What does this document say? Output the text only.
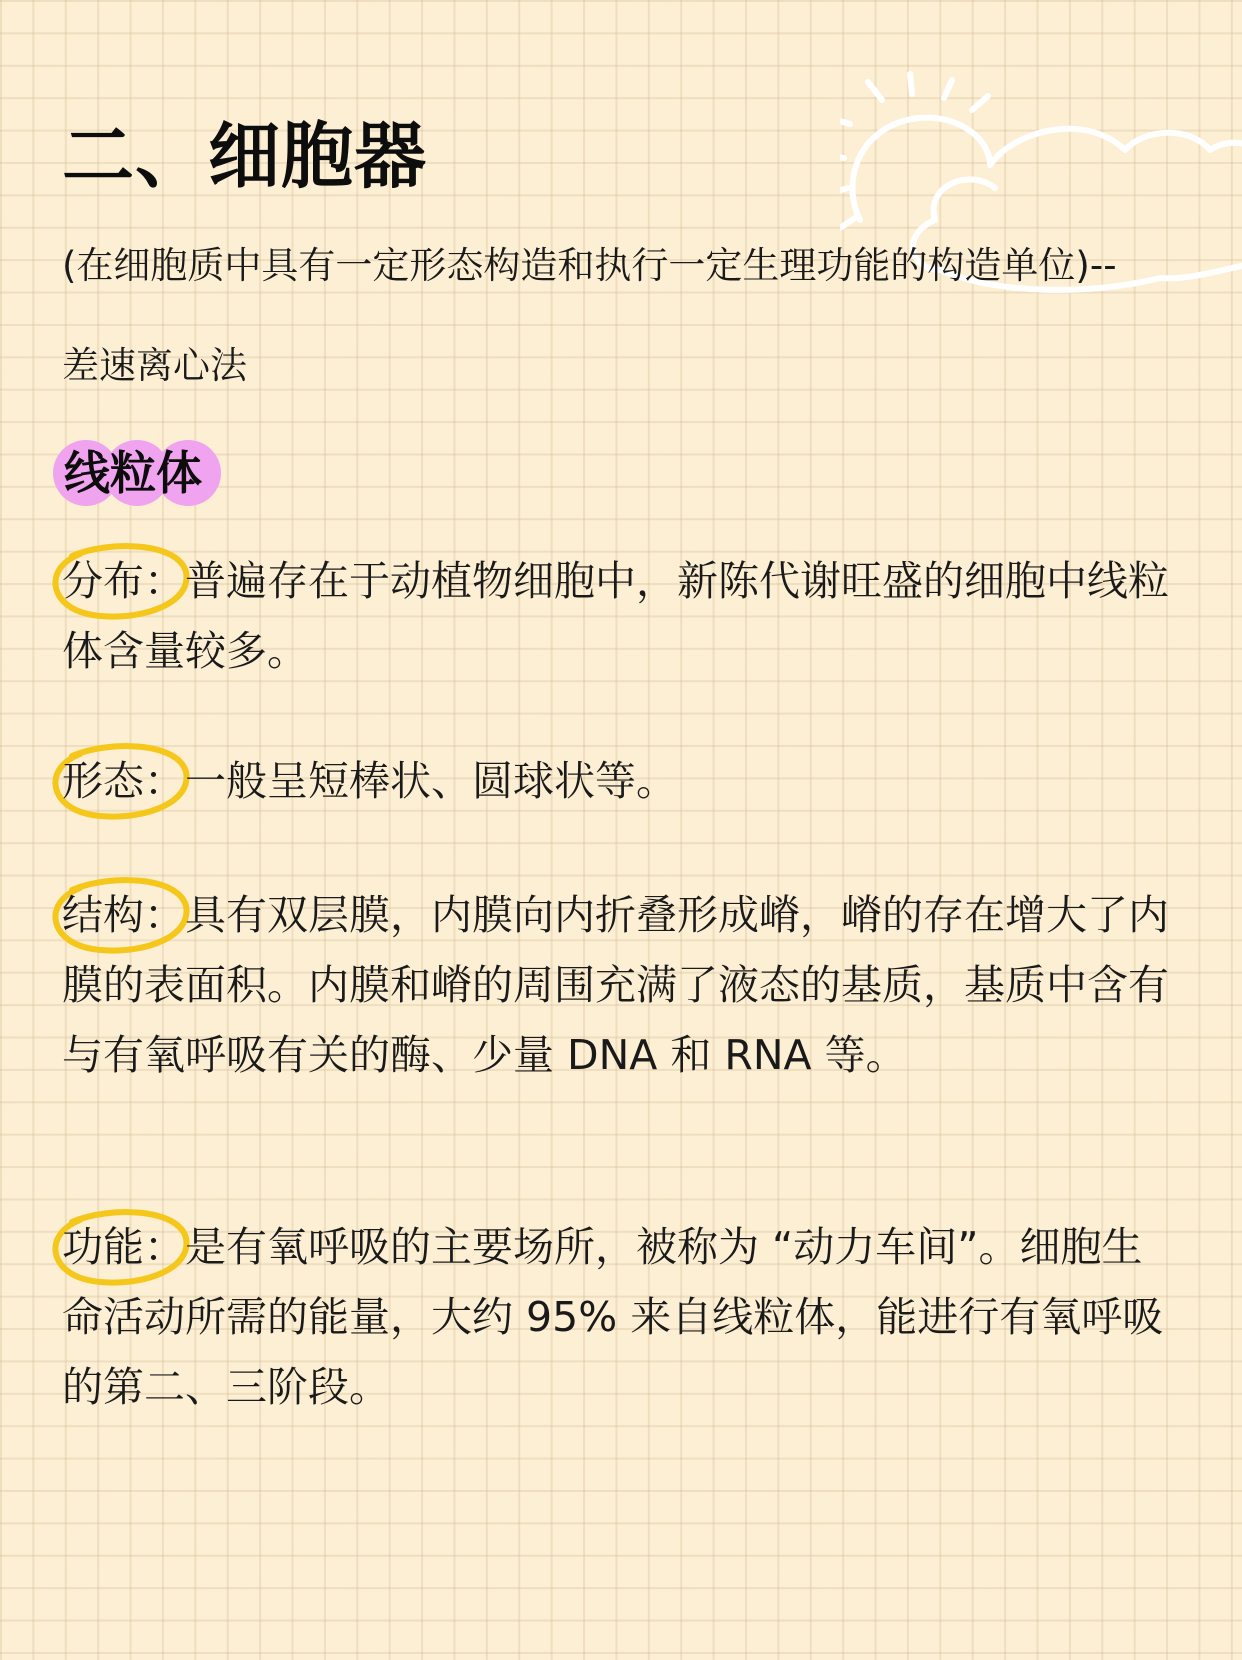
二、细胞器

(在细胞质中具有一定形态构造和执行一定生理功能的构造单位)--

差速离心法

线粒体

分布：普遍存在于动植物细胞中，新陈代谢旺盛的细胞中线粒体含量较多。

形态：一般呈短棒状、圆球状等。

结构：具有双层膜，内膜向内折叠形成嵴，嵴的存在增大了内膜的表面积。内膜和嵴的周围充满了液态的基质，基质中含有与有氧呼吸有关的酶、少量 DNA 和 RNA 等。

功能：是有氧呼吸的主要场所，被称为 “动力车间”。细胞生命活动所需的能量，大约 95% 来自线粒体，能进行有氧呼吸的第二、三阶段。
